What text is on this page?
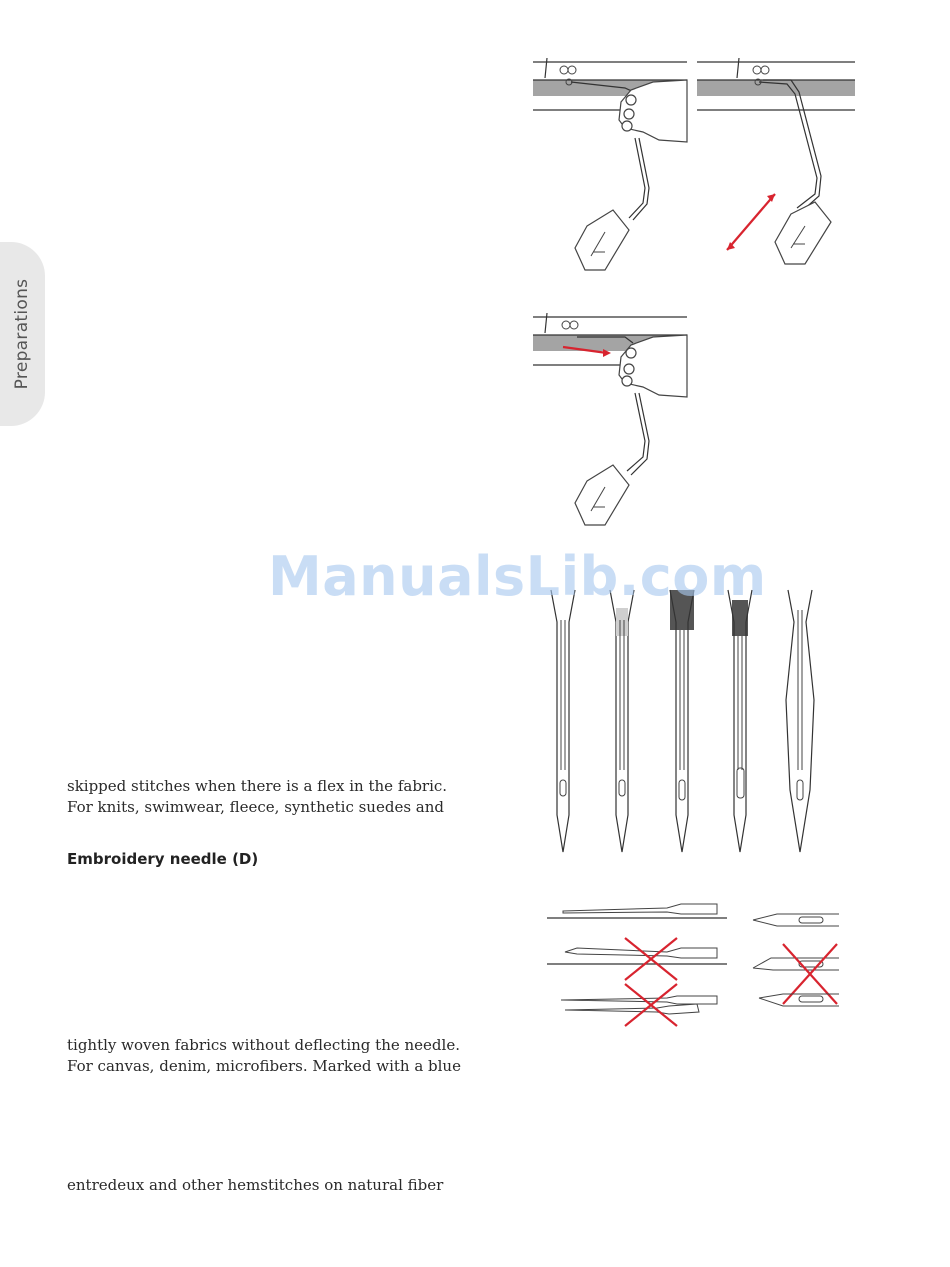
Preparations
ManualsLib.com
skipped stitches when there is a flex in the fabric.
For knits, swimwear, fleece, synthetic suedes and
Embroidery needle (D)
tightly woven fabrics without deflecting the needle.
For canvas, denim, microfibers. Marked with a blue
entredeux and other hemstitches on natural fiber
